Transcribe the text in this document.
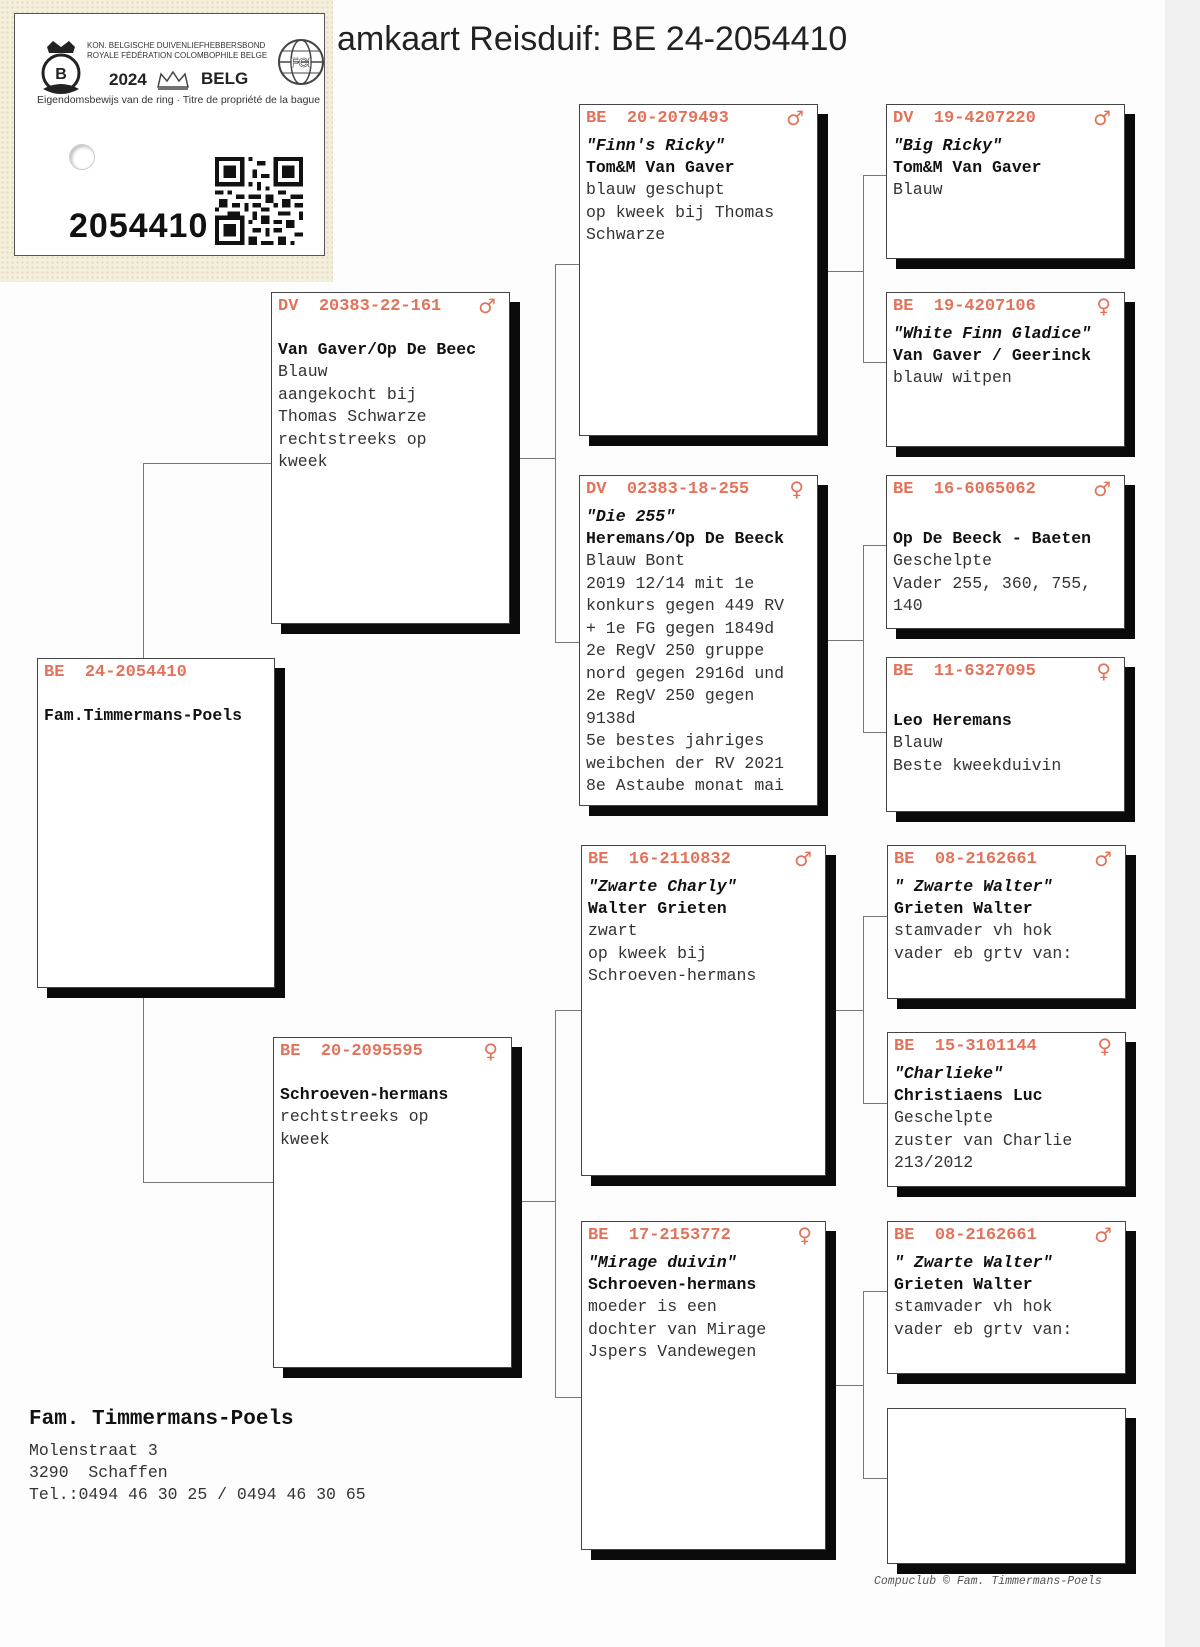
amkaart Reisduif: BE 24-2054410
B
KON. BELGISCHE DUIVENLIEFHEBBERSBOND
ROYALE FÉDÉRATION COLOMBOPHILE BELGE FCI
2024	BELG
Eigendomsbewijs van de ring · Titre de propriété de la bague
2054410
BE 24-2054410
Fam.Timmermans-Poels
DV 20383-22-161	♂
Van Gaver/Op De Beec
Blauw
aangekocht bij
Thomas Schwarze
rechtstreeks op
kweek
BE 20-2095595	♀
Schroeven-hermans
rechtstreeks op
kweek
BE 20-2079493	♂
"Finn's Ricky"
Tom&M Van Gaver
blauw geschupt
op kweek bij Thomas
Schwarze
DV 02383-18-255	♀
"Die 255"
Heremans/Op De Beeck
Blauw Bont
2019 12/14 mit 1e
konkurs gegen 449 RV
+ 1e FG gegen 1849d
2e RegV 250 gruppe
nord gegen 2916d und
2e RegV 250 gegen
9138d
5e bestes jahriges
weibchen der RV 2021
8e Astaube monat mai
BE 16-2110832	♂
"Zwarte Charly"
Walter Grieten
zwart
op kweek bij
Schroeven-hermans
BE 17-2153772	♀
"Mirage duivin"
Schroeven-hermans
moeder is een
dochter van Mirage
Jspers Vandewegen
DV 19-4207220	♂
"Big Ricky"
Tom&M Van Gaver
Blauw
BE 19-4207106	♀
"White Finn Gladice"
Van Gaver / Geerinck
blauw witpen
BE 16-6065062	♂
Op De Beeck - Baeten
Geschelpte
Vader 255, 360, 755,
140
BE 11-6327095	♀
Leo Heremans
Blauw
Beste kweekduivin
BE 08-2162661	♂
" Zwarte Walter"
Grieten Walter
stamvader vh hok
vader eb grtv van:
BE 15-3101144	♀
"Charlieke"
Christiaens Luc
Geschelpte
zuster van Charlie
213/2012
BE 08-2162661	♂
" Zwarte Walter"
Grieten Walter
stamvader vh hok
vader eb grtv van:
Fam. Timmermans-Poels
Molenstraat 3
3290  Schaffen
Tel.:0494 46 30 25 / 0494 46 30 65
Compuclub © Fam. Timmermans-Poels
